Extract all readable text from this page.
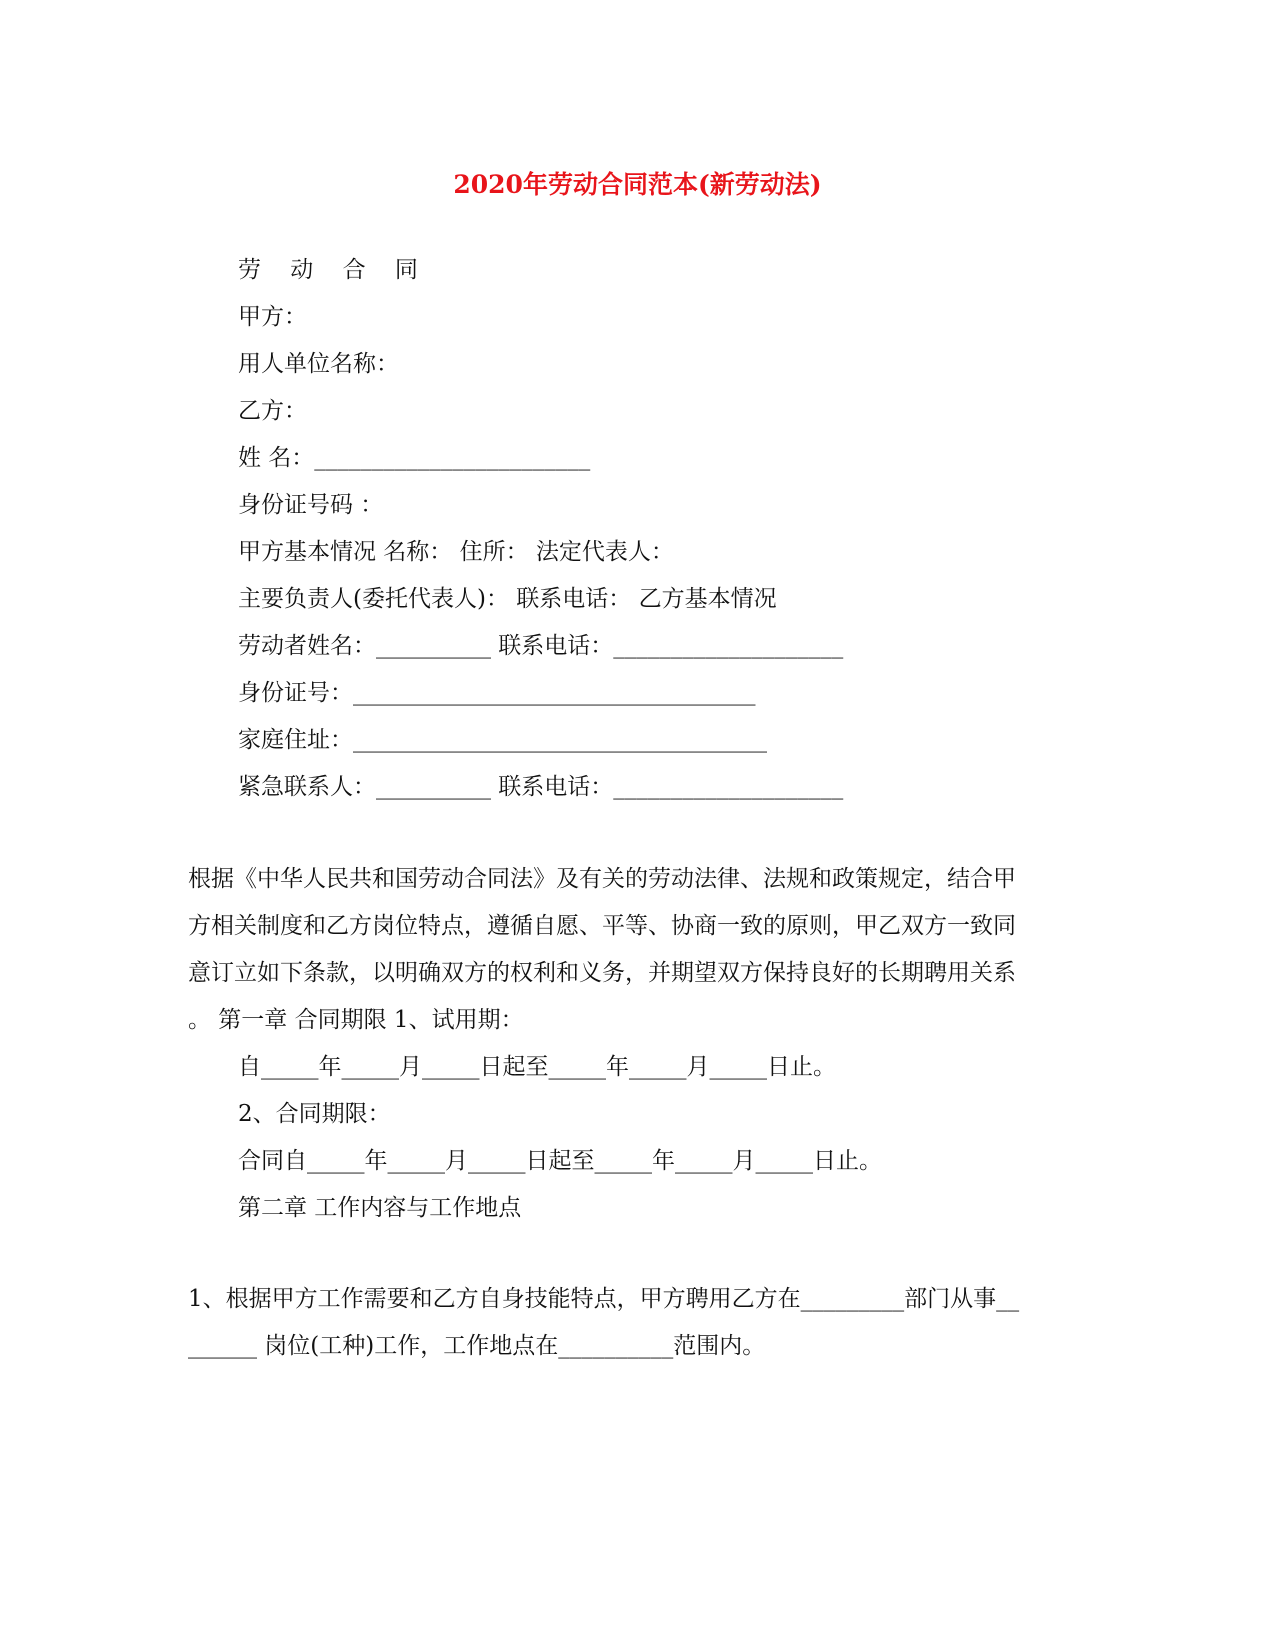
2020年劳动合同范本(新劳动法)
劳 动 合 同
甲方：
用人单位名称：
乙方：
姓 名：________________________
身份证号码 ：
甲方基本情况 名称： 住所： 法定代表人：
主要负责人(委托代表人)： 联系电话： 乙方基本情况
劳动者姓名：__________ 联系电话：____________________
身份证号：___________________________________
家庭住址：____________________________________
紧急联系人：__________ 联系电话：____________________
根据《中华人民共和国劳动合同法》及有关的劳动法律、法规和政策规定，结合甲
方相关制度和乙方岗位特点，遵循自愿、平等、协商一致的原则，甲乙双方一致同
意订立如下条款，以明确双方的权利和义务，并期望双方保持良好的长期聘用关系
。 第一章 合同期限 1、试用期：
自_____年_____月_____日起至_____年_____月_____日止。
2、合同期限：
合同自_____年_____月_____日起至_____年_____月_____日止。
第二章 工作内容与工作地点
1、根据甲方工作需要和乙方自身技能特点，甲方聘用乙方在_________部门从事__
______ 岗位(工种)工作，工作地点在__________范围内。
